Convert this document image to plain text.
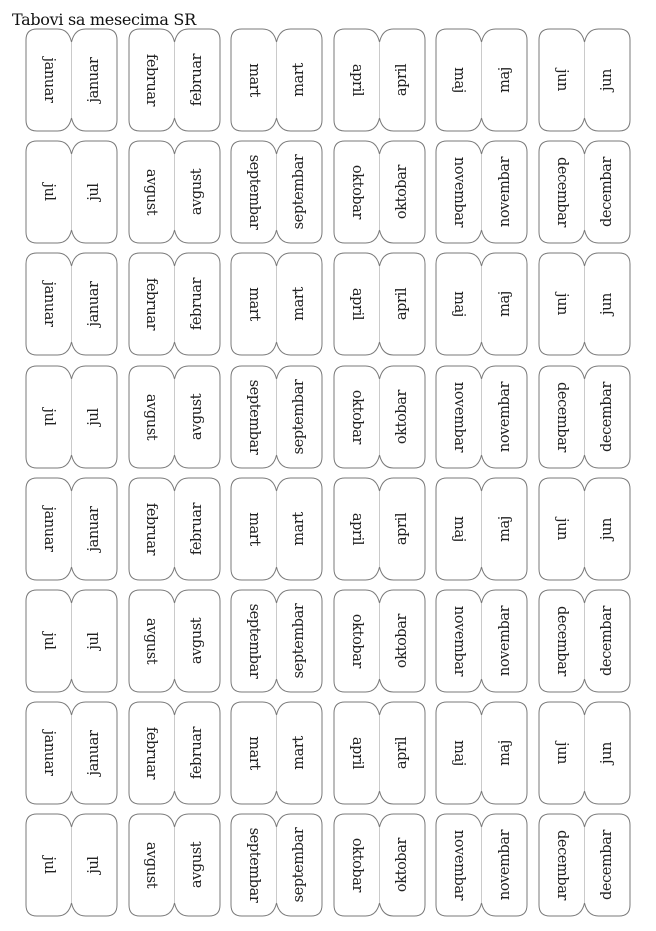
Tabovi sa mesecima SR
januar januar	februar februar	mart mart	april april	maj maj	jun jun
jul jul	avgust avgust	septembar septembar	oktobar oktobar	novembar novembar	decembar decembar
januar januar	februar februar	mart mart	april april	maj maj	jun jun
jul jul	avgust avgust	septembar septembar	oktobar oktobar	novembar novembar	decembar decembar
januar januar	februar februar	mart mart	april april	maj maj	jun jun
jul jul	avgust avgust	septembar septembar	oktobar oktobar	novembar novembar	decembar decembar
januar januar	februar februar	mart mart	april april	maj maj	jun jun
jul jul	avgust avgust	septembar septembar	oktobar oktobar	novembar novembar	decembar decembar
